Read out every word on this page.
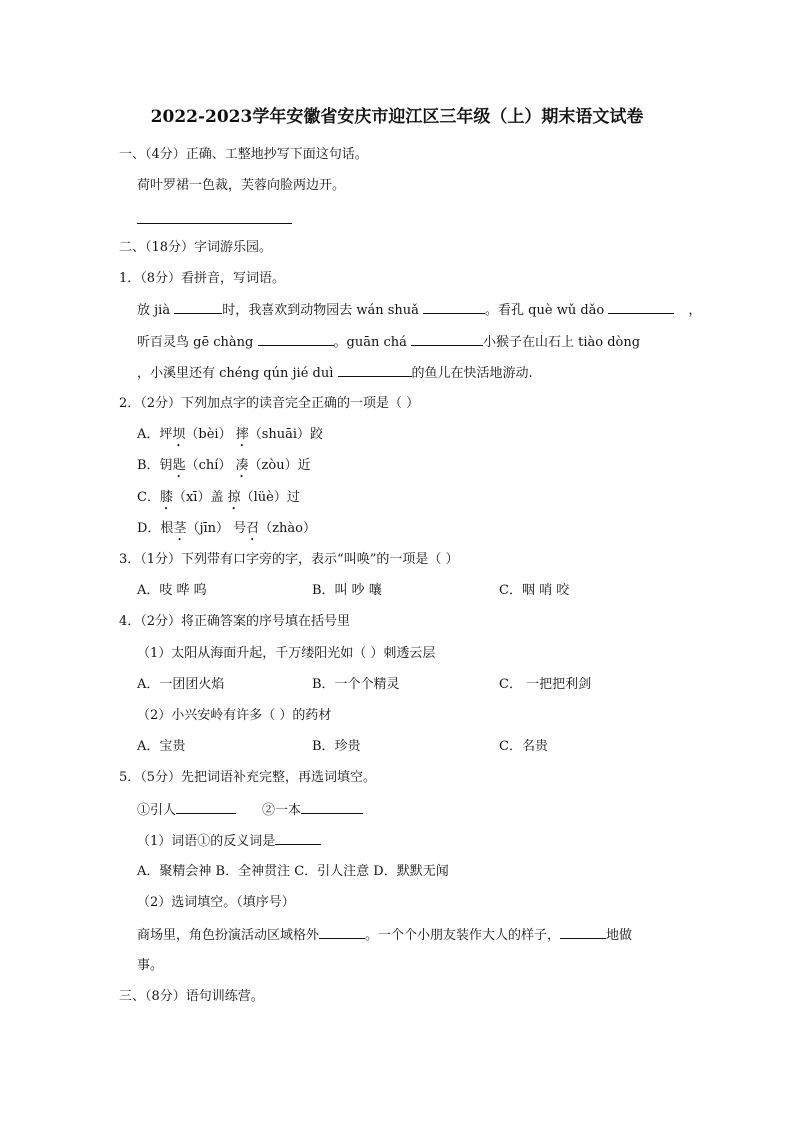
2022-2023学年安徽省安庆市迎江区三年级（上）期末语文试卷
一、（4分）正确、工整地抄写下面这句话。
荷叶罗裙一色裁，芙蓉向脸两边开。
二、（18分）字词游乐园。
1．（8分）看拼音，写词语。
放 jià	时，我喜欢到动物园去 wán shuǎ	。看孔 què wǔ dǎo	，
听百灵鸟 gē chàng	。guān chá	小猴子在山石上 tiào dòng
，小溪里还有 chéng qún jié duì	的鱼儿在快活地游动.
2．（2分）下列加点字的读音完全正确的一项是（ ）
A．坪坝（bèi） 摔（shuāi）跤
B．钥匙（chí） 凑（zòu）近
C．膝（xī）盖 掠（lüè）过
D．根茎（jīn） 号召（zhào）
3．（1分）下列带有口字旁的字，表示“叫唤”的一项是（ ）
A．吱 哗 呜	B．叫 吵 嚷	C．咽 哨 咬
4．（2分）将正确答案的序号填在括号里
（1）太阳从海面升起，千万缕阳光如（ ）刺透云层
A．一团团火焰	B．一个个精灵	C． 一把把利剑
（2）小兴安岭有许多（ ）的药材
A．宝贵	B．珍贵	C．名贵
5．（5分）先把词语补充完整，再选词填空。
①引人	②一本
（1）词语①的反义词是
A．聚精会神 B．全神贯注 C．引人注意 D．默默无闻
（2）选词填空。（填序号）
商场里，角色扮演活动区域格外	。一个个小朋友装作大人的样子，	地做
事。
三、（8分）语句训练营。
